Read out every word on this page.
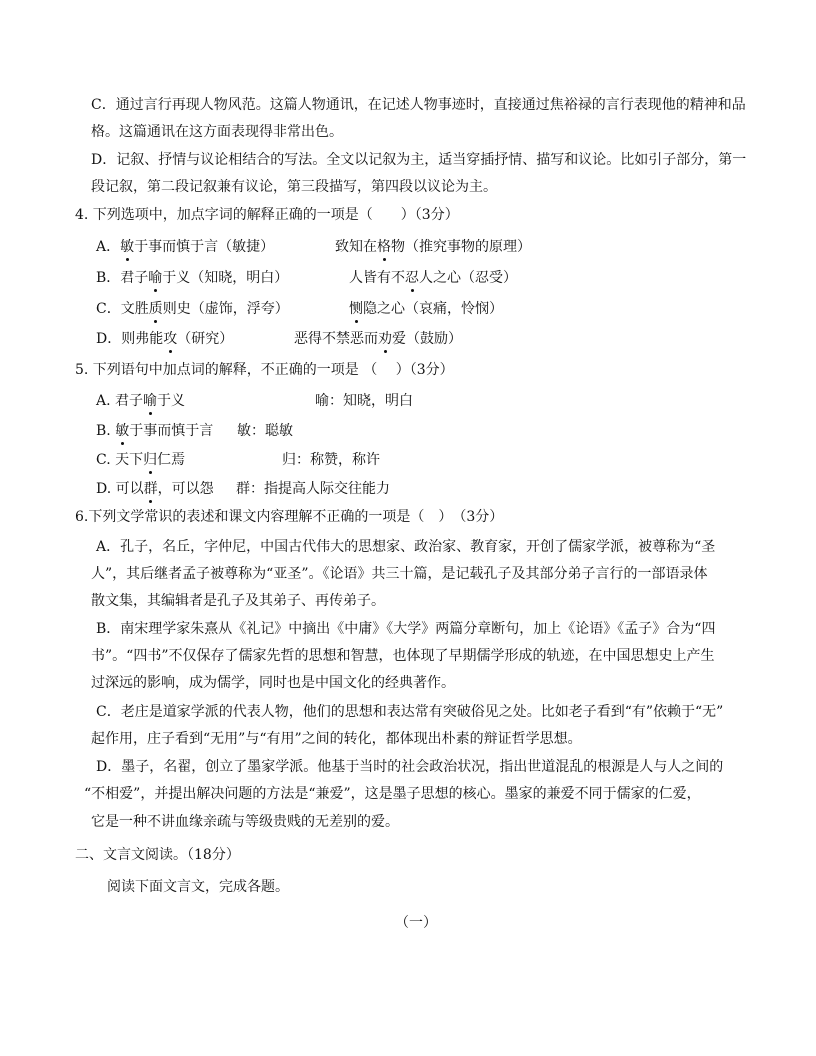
C．通过言行再现人物风范。这篇人物通讯，在记述人物事迹时，直接通过焦裕禄的言行表现他的精神和品
格。这篇通讯在这方面表现得非常出色。
D．记叙、抒情与议论相结合的写法。全文以记叙为主，适当穿插抒情、描写和议论。比如引子部分，第一
段记叙，第二段记叙兼有议论，第三段描写，第四段以议论为主。
4. 下列选项中，加点字词的解释正确的一项是（　　）（3分）
A．敏于事而慎于言（敏捷）	致知在格物（推究事物的原理）
B．君子喻于义（知晓，明白）	人皆有不忍人之心（忍受）
C．文胜质则史（虚饰，浮夸）	恻隐之心（哀痛，怜悯）
D．则弗能攻（研究）	恶得不禁恶而劝爱（鼓励）
5. 下列语句中加点词的解释，不正确的一项是 （　 ）（3分）
A. 君子喻于义	喻：知晓，明白
B. 敏于事而慎于言 敏：聪敏
C. 天下归仁焉	归：称赞，称许
D. 可以群，可以怨 群：指提高人际交往能力
6.下列文学常识的表述和课文内容理解不正确的一项是（　）　（3分）
A．孔子，名丘，字仲尼，中国古代伟大的思想家、政治家、教育家，开创了儒家学派，被尊称为“圣
人”，其后继者孟子被尊称为“亚圣”。《论语》共三十篇，是记载孔子及其部分弟子言行的一部语录体
散文集，其编辑者是孔子及其弟子、再传弟子。
B．南宋理学家朱熹从《礼记》中摘出《中庸》《大学》两篇分章断句，加上《论语》《孟子》合为“四
书”。“四书”不仅保存了儒家先哲的思想和智慧，也体现了早期儒学形成的轨迹，在中国思想史上产生
过深远的影响，成为儒学，同时也是中国文化的经典著作。
C．老庄是道家学派的代表人物，他们的思想和表达常有突破俗见之处。比如老子看到“有”依赖于“无”
起作用，庄子看到“无用”与“有用”之间的转化，都体现出朴素的辩证哲学思想。
D．墨子，名翟，创立了墨家学派。他基于当时的社会政治状况，指出世道混乱的根源是人与人之间的
“不相爱”，并提出解决问题的方法是“兼爱”，这是墨子思想的核心。墨家的兼爱不同于儒家的仁爱，
它是一种不讲血缘亲疏与等级贵贱的无差别的爱。
二、文言文阅读。（18分）
阅读下面文言文，完成各题。
（一）
